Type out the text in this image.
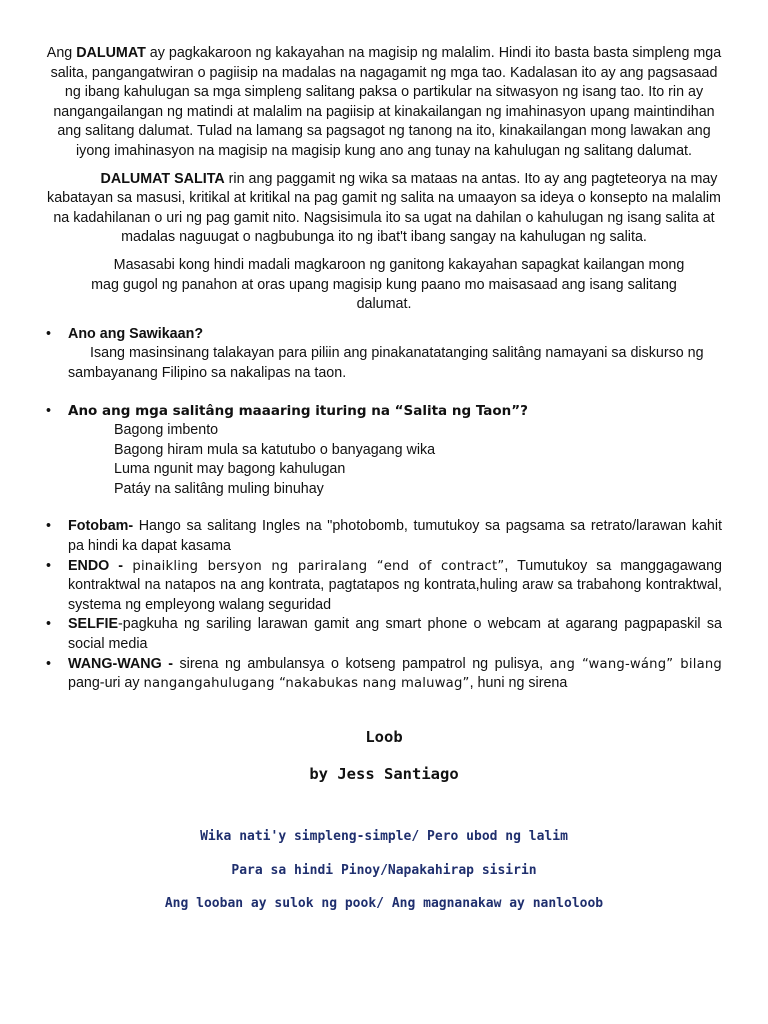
Ang DALUMAT ay pagkakaroon ng kakayahan na magisip ng malalim. Hindi ito basta basta simpleng mga salita, pangangatwiran o pagiisip na madalas na nagagamit ng mga tao. Kadalasan ito ay ang pagsasaad ng ibang kahulugan sa mga simpleng salitang paksa o partikular na sitwasyon ng isang tao. Ito rin ay nangangailangan ng matindi at malalim na pagiisip at kinakailangan ng imahinasyon upang maintindihan ang salitang dalumat. Tulad na lamang sa pagsagot ng tanong na ito, kinakailangan mong lawakan ang iyong imahinasyon na magisip na magisip kung ano ang tunay na kahulugan ng salitang dalumat.

DALUMAT SALITA rin ang paggamit ng wika sa mataas na antas. Ito ay ang pagteteorya na may kabatayan sa masusi, kritikal at kritikal na pag gamit ng salita na umaayon sa ideya o konsepto na malalim na kadahilanan o uri ng pag gamit nito. Nagsisimula ito sa ugat na dahilan o kahulugan ng isang salita at madalas naguugat o nagbubunga ito ng ibat't ibang sangay na kahulugan ng salita.

Masasabi kong hindi madali magkaroon ng ganitong kakayahan sapagkat kailangan mong mag gugol ng panahon at oras upang magisip kung paano mo maisasaad ang isang salitang dalumat.

• Ano ang Sawikaan?

Isang masinsinang talakayan para piliin ang pinakanatatanging salitâng namayani sa diskurso ng sambayanang Filipino sa nakalipas na taon.

• Ano ang mga salitâng maaaring ituring na “Salita ng Taon”?
Bagong imbento
Bagong hiram mula sa katutubo o banyagang wika
Luma ngunit may bagong kahulugan
Patáy na salitâng muling binuhay
• Fotobam- Hango sa salitang Ingles na "photobomb, tumutukoy sa pagsama sa retrato/larawan kahit pa hindi ka dapat kasama
• ENDO - pinaikling bersyon ng pariralang “end of contract”, Tumutukoy sa manggagawang kontraktwal na natapos na ang kontrata, pagtatapos ng kontrata,huling araw sa trabahong kontraktwal, systema ng empleyong walang seguridad
• SELFIE-pagkuha ng sariling larawan gamit ang smart phone o webcam at agarang pagpapaskil sa social media
• WANG-WANG - sirena ng ambulansya o kotseng pampatrol ng pulisya, ang “wang-wáng” bilang pang-uri ay nangangahulugang “nakabukas nang maluwag”, huni ng sirena
Loob
by Jess Santiago
Wika nati'y simpleng-simple/ Pero ubod ng lalim
Para sa hindi Pinoy/Napakahirap sisirin
Ang looban ay sulok ng pook/ Ang magnanakaw ay nanloloob
